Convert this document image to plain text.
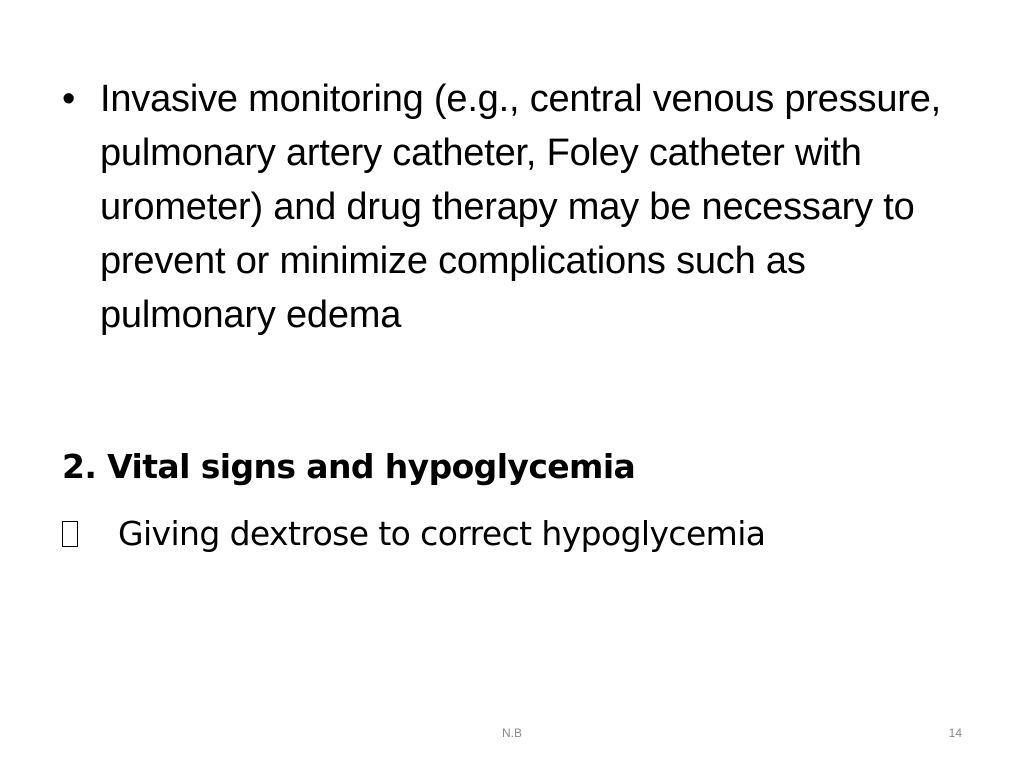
• Invasive monitoring (e.g., central venous pressure, pulmonary artery catheter, Foley catheter with urometer) and drug therapy may be necessary to prevent or minimize complications such as pulmonary edema

2. Vital signs and hypoglycemia
Giving dextrose to correct hypoglycemia
N.B	14
